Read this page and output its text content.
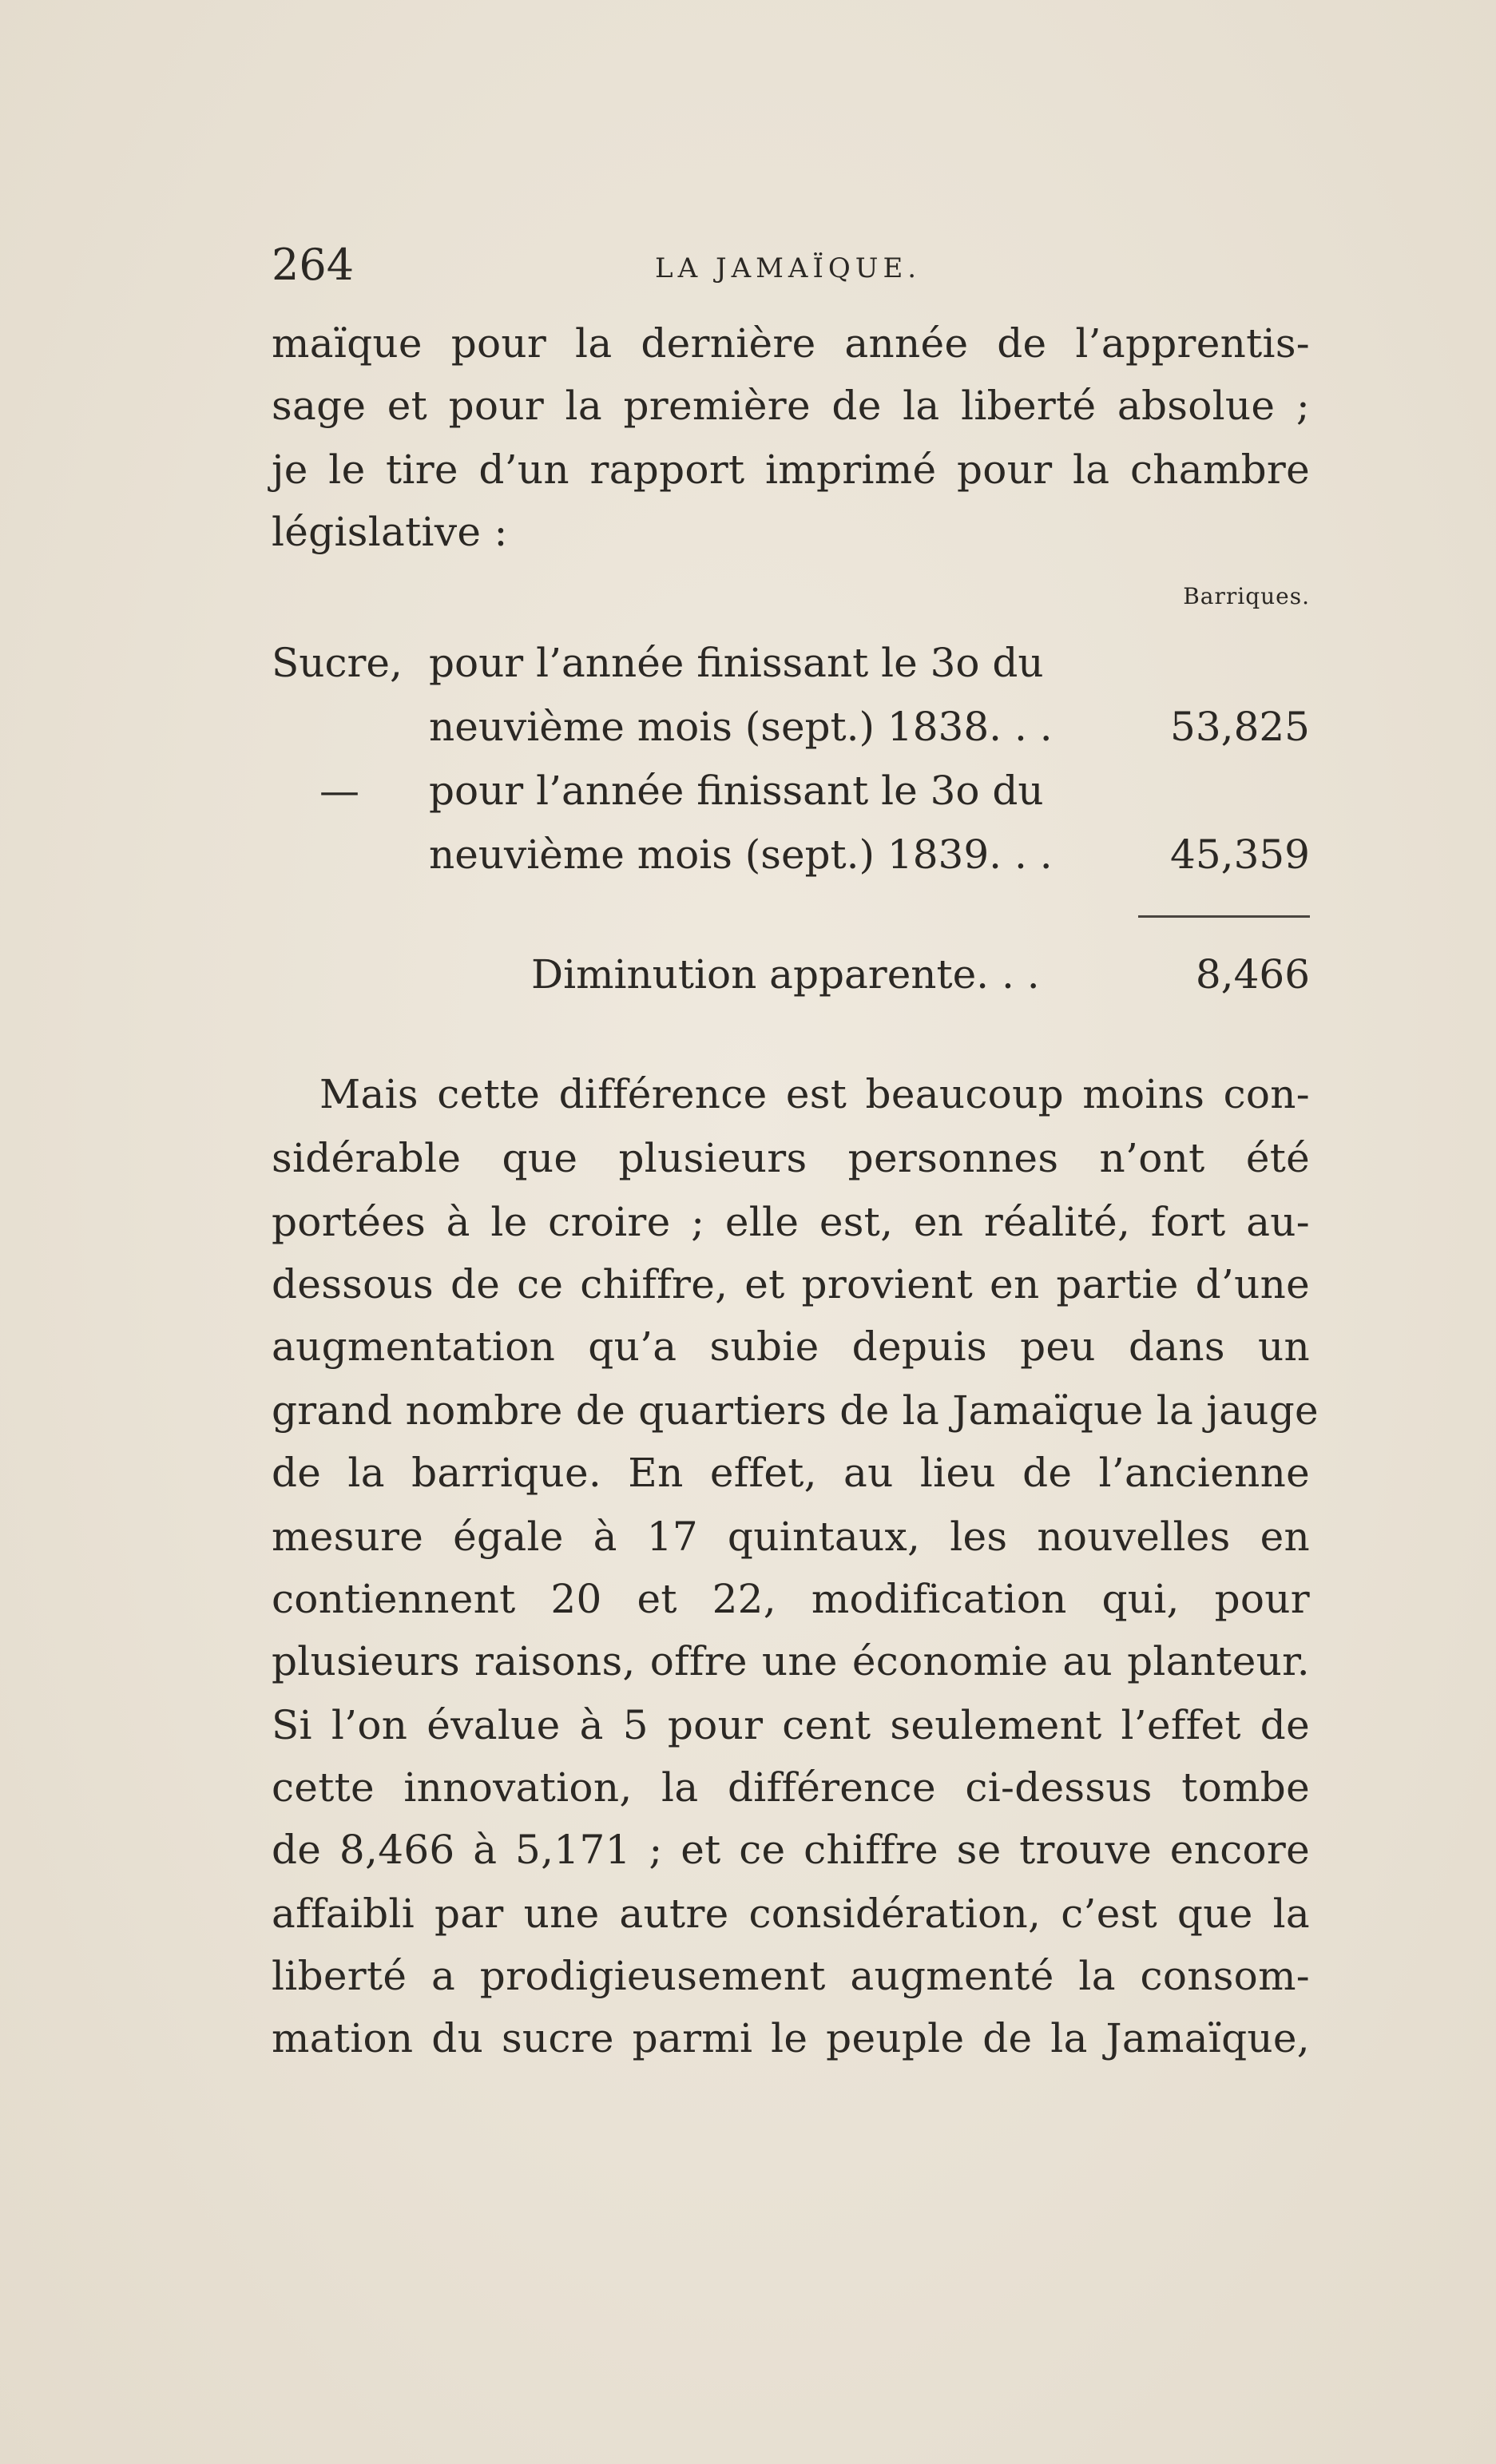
264	LA JAMAÏQUE.
maïque pour la dernière année de l’apprentis-
sage et pour la première de la liberté absolue ;
je le tire d’un rapport imprimé pour la chambre
législative :
Barriques.
Sucre, pour l’année finissant le 3o du
neuvième mois (sept.) 1838. . .	53,825
— pour l’année finissant le 3o du
neuvième mois (sept.) 1839. . .	45,359
Diminution apparente. . .	8,466
Mais cette différence est beaucoup moins con-
sidérable que plusieurs personnes n’ont été
portées à le croire ; elle est, en réalité, fort au-
dessous de ce chiffre, et provient en partie d’une
augmentation qu’a subie depuis peu dans un
grand nombre de quartiers de la Jamaïque la jauge
de la barrique. En effet, au lieu de l’ancienne
mesure égale à 17 quintaux, les nouvelles en
contiennent 20 et 22, modification qui, pour
plusieurs raisons, offre une économie au planteur.
Si l’on évalue à 5 pour cent seulement l’effet de
cette innovation, la différence ci-dessus tombe
de 8,466 à 5,171 ; et ce chiffre se trouve encore
affaibli par une autre considération, c’est que la
liberté a prodigieusement augmenté la consom-
mation du sucre parmi le peuple de la Jamaïque,
